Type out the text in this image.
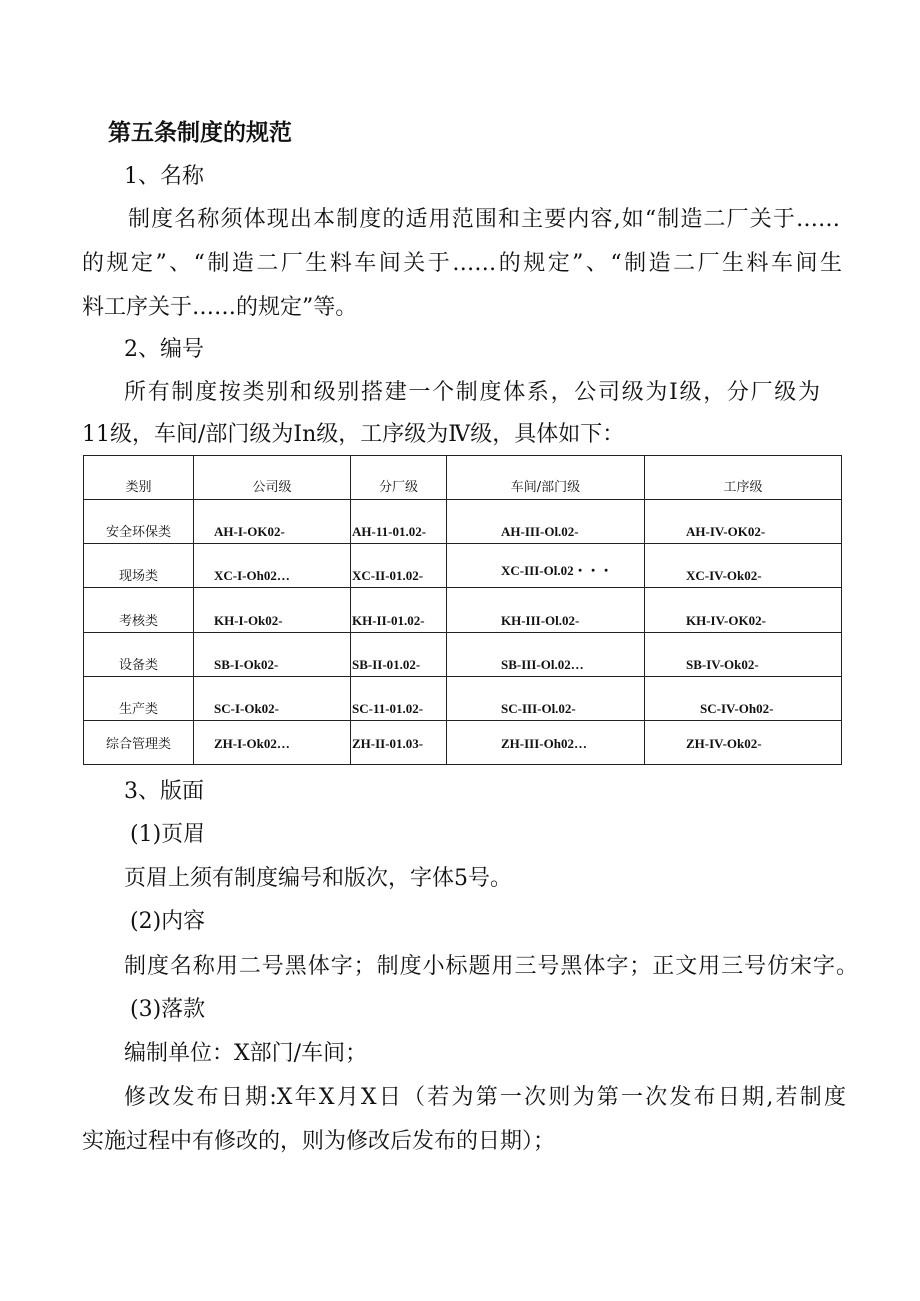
第五条制度的规范
1、名称
制度名称须体现出本制度的适用范围和主要内容,如“制造二厂关于……
的规定”、“制造二厂生料车间关于……的规定”、“制造二厂生料车间生
料工序关于……的规定”等。
2、编号
所有制度按类别和级别搭建一个制度体系，公司级为Ⅰ级，分厂级为
11级，车间/部门级为In级，工序级为Ⅳ级，具体如下：
类别	公司级	分厂级	车间/部门级	工序级

安全环保类	AH-I-OK02-	AH-11-01.02-	AH-III-Ol.02-	AH-IV-OK02-

现场类	XC-I-Oh02…	XC-II-01.02-	XC-III-Ol.02・・・	XC-IV-Ok02-

考核类	KH-I-Ok02-	KH-II-01.02-	KH-III-Ol.02-	KH-IV-OK02-

设备类	SB-I-Ok02-	SB-II-01.02-	SB-III-Ol.02…	SB-IV-Ok02-

生产类	SC-I-Ok02-	SC-11-01.02-	SC-III-Ol.02-	SC-IV-Oh02-

综合管理类	ZH-I-Ok02…	ZH-II-01.03-	ZH-III-Oh02…	ZH-IV-Ok02-
3、版面
(1)页眉
页眉上须有制度编号和版次，字体5号。
(2)内容
制度名称用二号黑体字；制度小标题用三号黑体字；正文用三号仿宋字。
(3)落款
编制单位：X部门/车间；
修改发布日期:X年X月X日（若为第一次则为第一次发布日期,若制度
实施过程中有修改的，则为修改后发布的日期）；
